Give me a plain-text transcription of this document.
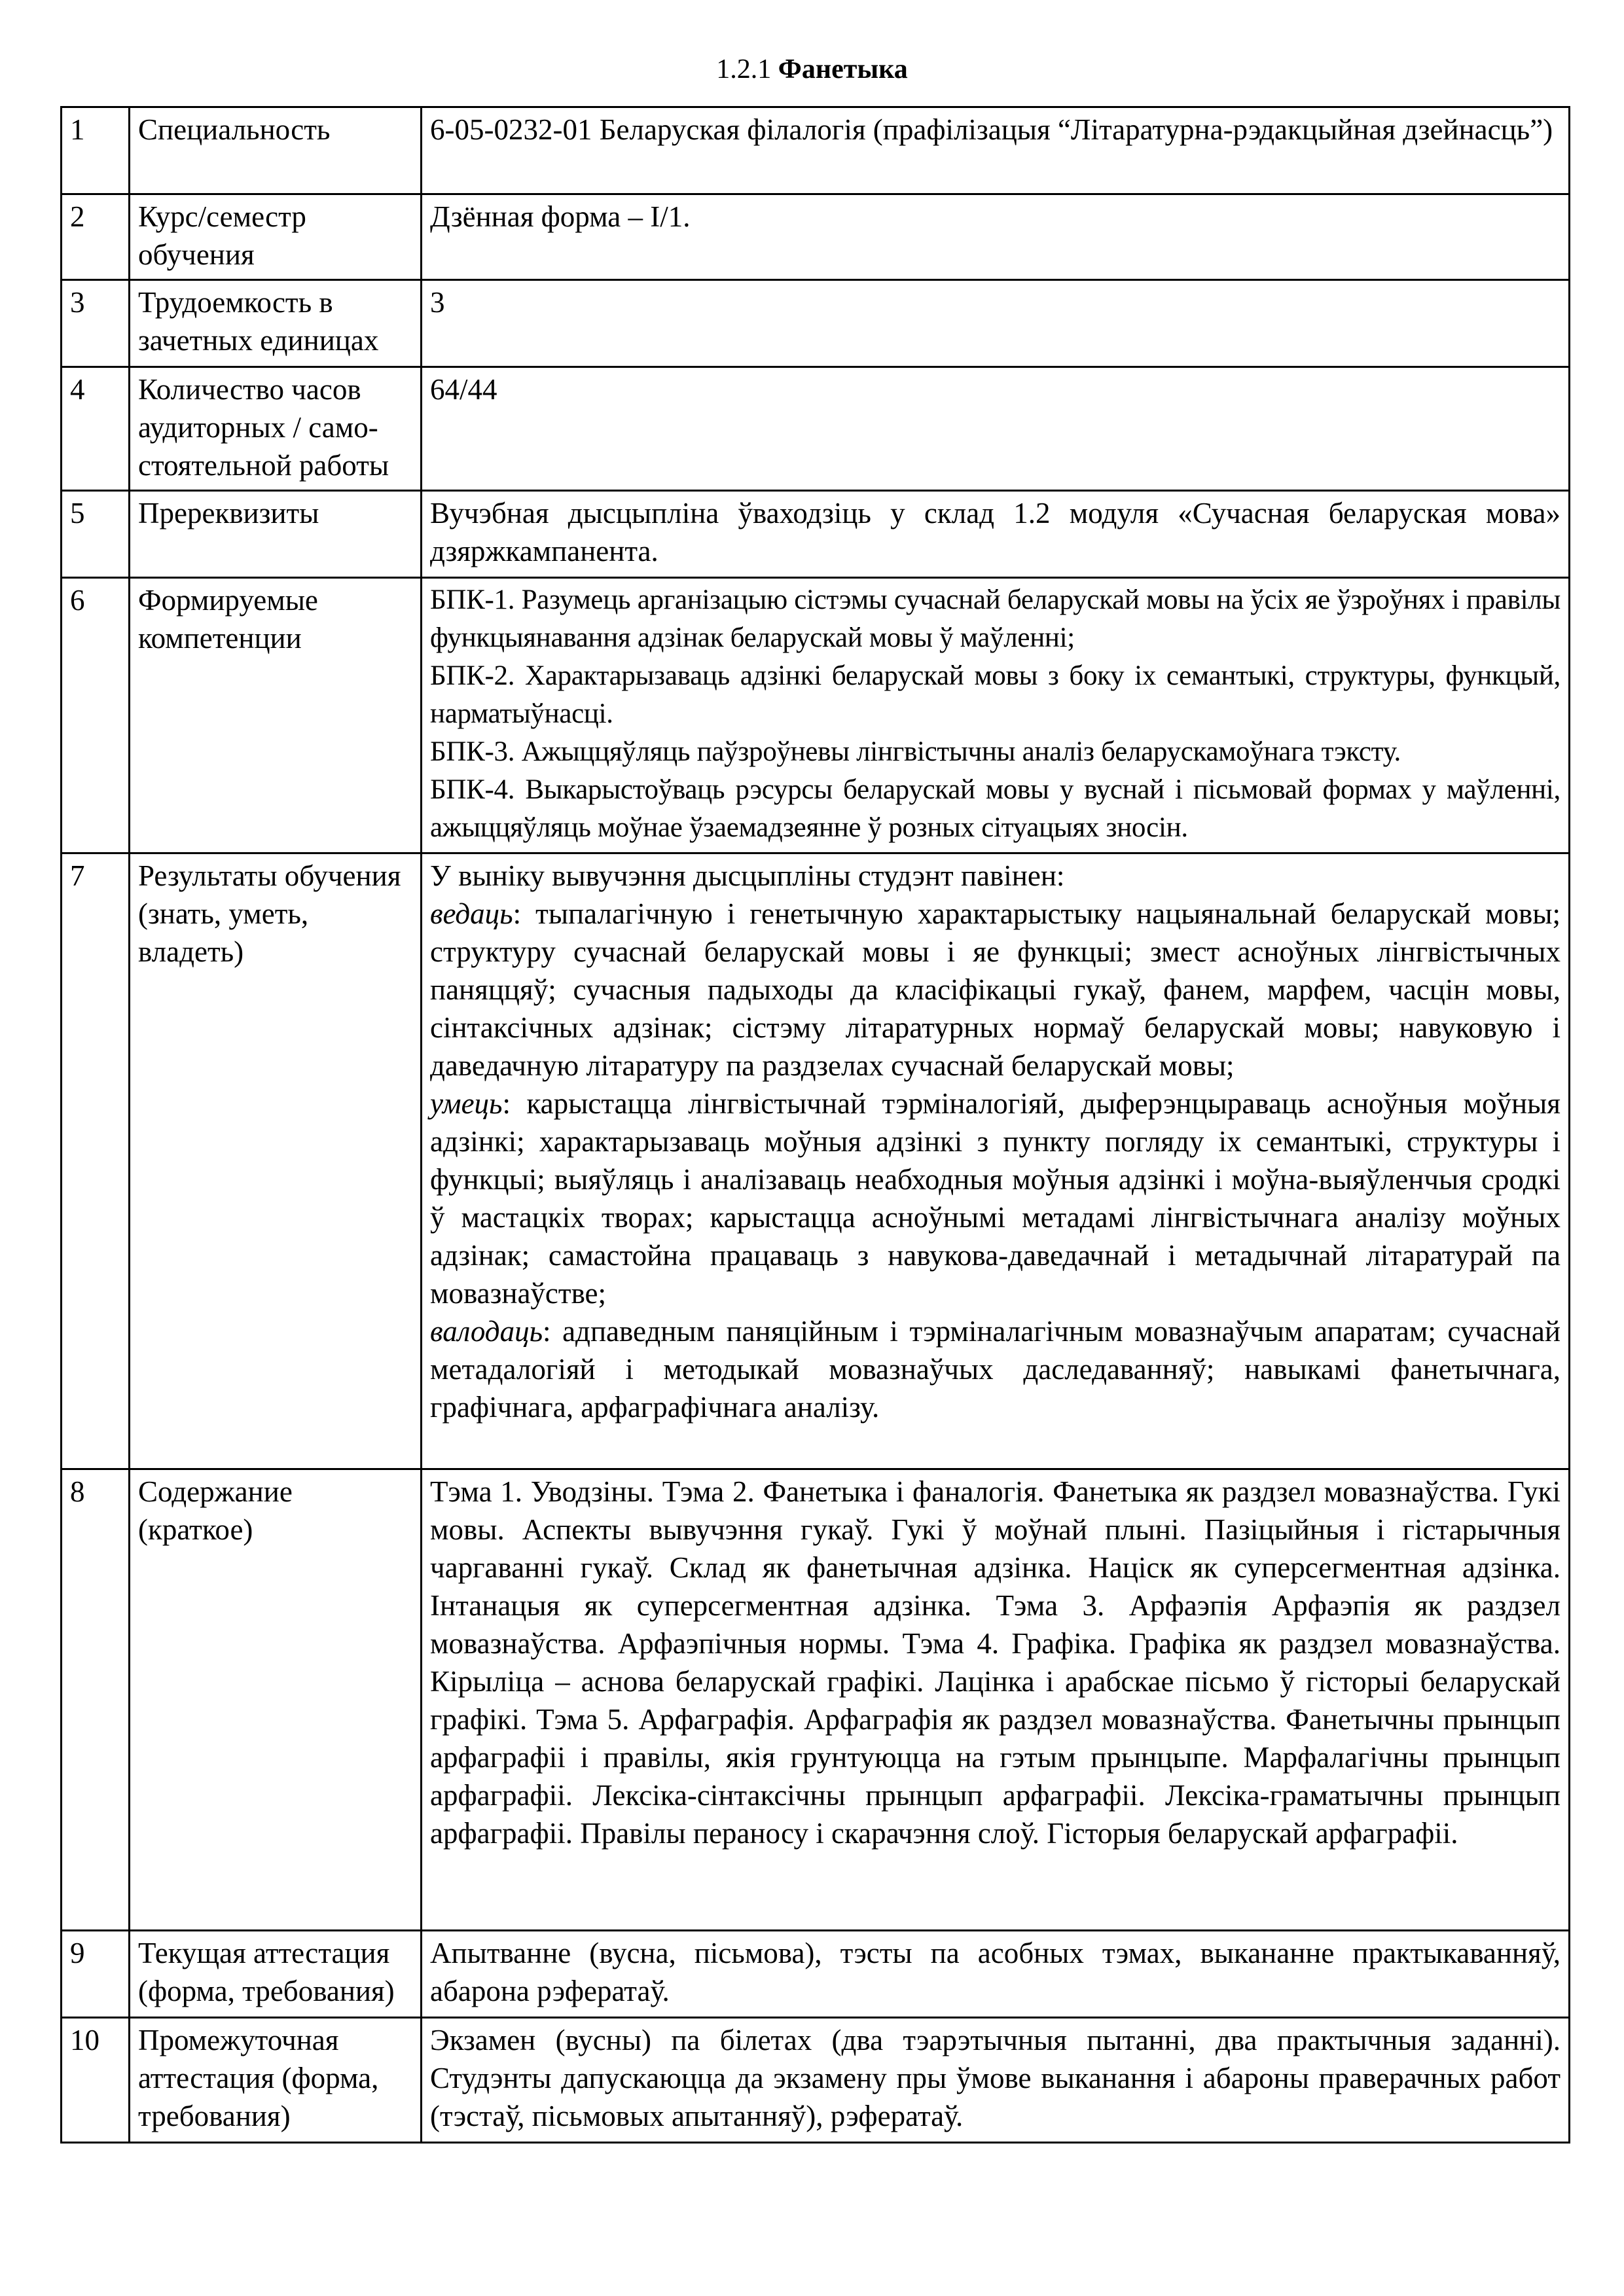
1.2.1 Фанетыка
1	Специальность	6-05-0232-01 Беларуская філалогія (прафілізацыя “Літаратурна-рэдакцыйная дзейнасць”)
2	Курс/семестр обучения	Дзённая форма – І/1.
3	Трудоемкость в зачетных единицах	3
4	Количество часов аудиторных / само-стоятельной работы	64/44
5	Пререквизиты	Вучэбная дысцыпліна ўваходзіць у склад 1.2 модуля «Сучасная беларуская мова» дзяржкампанента.
6	Формируемые компетенции	БПК-1. Разумець арганізацыю сістэмы сучаснай беларускай мовы на ўсіх яе ўзроўнях і правілы функцыянавання адзінак беларускай мовы ў маўленні;
БПК-2. Характарызаваць адзінкі беларускай мовы з боку іх семантыкі, структуры, функцый, нарматыўнасці.
БПК-3. Ажыццяўляць паўзроўневы лінгвістычны аналіз беларускамоўнага тэксту.
БПК-4. Выкарыстоўваць рэсурсы беларускай мовы у вуснай і пісьмовай формах у маўленні, ажыццяўляць моўнае ўзаемадзеянне ў розных сітуацыях зносін.

7	Результаты обучения (знать, уметь, владеть)	У выніку вывучэння дысцыпліны студэнт павінен:
ведаць: тыпалагічную і генетычную характарыстыку нацыянальнай беларускай мовы; структуру сучаснай беларускай мовы і яе функцыі; змест асноўных лінгвістычных паняццяў; сучасныя падыходы да класіфікацыі гукаў, фанем, марфем, часцін мовы, сінтаксічных адзінак; сістэму літаратурных нормаў беларускай мовы; навуковую і даведачную літаратуру па раздзелах сучаснай беларускай мовы;
умець: карыстацца лінгвістычнай тэрміналогіяй, дыферэнцыраваць асноўныя моўныя адзінкі; характарызаваць моўныя адзінкі з пункту погляду іх семантыкі, структуры і функцыі; выяўляць і аналізаваць неабходныя моўныя адзінкі і моўна-выяўленчыя сродкі ў мастацкіх творах; карыстацца асноўнымі метадамі лінгвістычнага аналізу моўных адзінак; самастойна працаваць з навукова-даведачнай і метадычнай літаратурай па мовазнаўстве;
валодаць: адпаведным паняційным і тэрміналагічным мовазнаўчым апаратам; сучаснай метадалогіяй і методыкай мовазнаўчых даследаванняў; навыкамі фанетычнага, графічнага, арфаграфічнага аналізу.

8	Содержание (краткое)	Тэма 1. Уводзіны. Тэма 2. Фанетыка і фаналогія. Фанетыка як раздзел мовазнаўства. Гукі мовы. Аспекты вывучэння гукаў. Гукі ў моўнай плыні. Пазіцыйныя і гістарычныя чаргаванні гукаў. Склад як фанетычная адзінка. Націск як суперсегментная адзінка. Інтанацыя як суперсегментная адзінка. Тэма 3. Арфаэпія Арфаэпія як раздзел мовазнаўства. Арфаэпічныя нормы. Тэма 4. Графіка. Графіка як раздзел мовазнаўства. Кірыліца – аснова беларускай графікі. Лацінка і арабскае пісьмо ў гісторыі беларускай графікі. Тэма 5. Арфаграфія. Арфаграфія як раздзел мовазнаўства. Фанетычны прынцып арфаграфіі і правілы, якія грунтуюцца на гэтым прынцыпе. Марфалагічны прынцып арфаграфіі. Лексіка-сінтаксічны прынцып арфаграфіі. Лексіка-граматычны прынцып арфаграфіі. Правілы пераносу і скарачэння слоў. Гісторыя беларускай арфаграфіі.
9	Текущая аттестация (форма, требования)	Апытванне (вусна, пісьмова), тэсты па асобных тэмах, выкананне практыкаванняў, абарона рэфератаў.
10	Промежуточная аттестация (форма, требования)	Экзамен (вусны) па білетах (два тэарэтычныя пытанні, два практычныя заданні). Студэнты дапускаюцца да экзамену пры ўмове выканання і абароны праверачных работ (тэстаў, пісьмовых апытанняў), рэфератаў.
